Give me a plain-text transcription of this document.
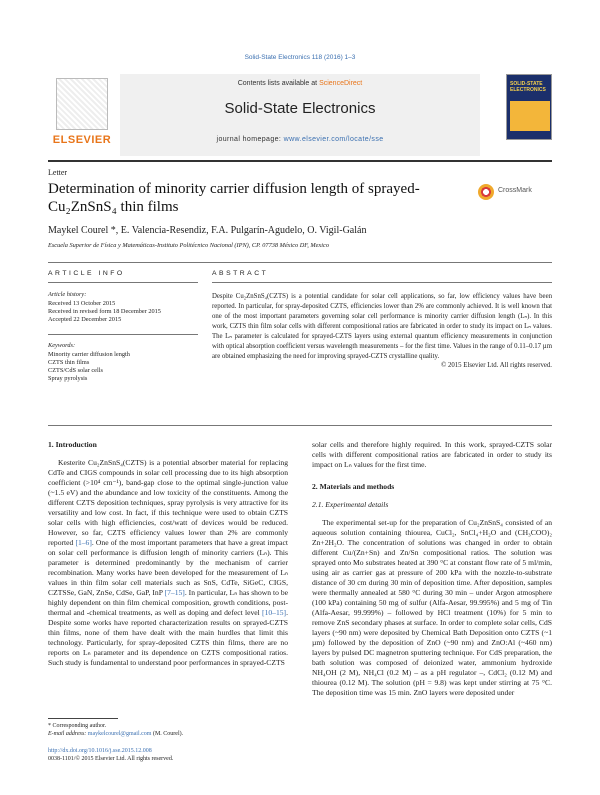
Solid-State Electronics 118 (2016) 1–3
ELSEVIER
Contents lists available at ScienceDirect
Solid-State Electronics
journal homepage: www.elsevier.com/locate/sse
SOLID-STATE ELECTRONICS
Letter
Determination of minority carrier diffusion length of sprayed-Cu₂ZnSnS₄ thin films
CrossMark
Maykel Courel *, E. Valencia-Resendiz, F.A. Pulgarín-Agudelo, O. Vigil-Galán
Escuela Superior de Física y Matemáticas-Instituto Politécnico Nacional (IPN), CP. 07738 México DF, Mexico
ARTICLE INFO	ABSTRACT
Article history:
Received 13 October 2015
Received in revised form 18 December 2015
Accepted 22 December 2015
Keywords:
Minority carrier diffusion length
CZTS thin films
CZTS/CdS solar cells
Spray pyrolysis
Despite Cu₂ZnSnS₄(CZTS) is a potential candidate for solar cell applications, so far, low efficiency values have been reported. In particular, for spray-deposited CZTS, efficiencies lower than 2% are commonly achieved. It is well known that one of the most important parameters governing solar cell performance is minority carrier diffusion length (Lₙ). In this work, CZTS thin film solar cells with different compositional ratios are fabricated in order to study its impact on Lₙ values. The Lₙ parameter is calculated for sprayed-CZTS layers using external quantum efficiency measurements in conjunction with optical absorption coefficient versus wavelength measurements – for the first time. Values in the range of 0.11–0.17 µm are obtained emphasizing the need for improving sprayed-CZTS crystalline quality.
© 2015 Elsevier Ltd. All rights reserved.
1. Introduction
Kesterite Cu₂ZnSnS₄(CZTS) is a potential absorber material for replacing CdTe and CIGS compounds in solar cell processing due to its high absorption coefficient (>10⁴ cm⁻¹), band-gap close to the optimal single-junction value (~1.5 eV) and the abundance and low toxicity of the constituents. Among the different CZTS deposition techniques, spray pyrolysis is very attractive for its versatility and low cost. In fact, if this technique were used to obtain CZTS solar cells with high efficiencies, cost/watt of devices would be reduced. However, so far, CZTS efficiency values lower than 2% are commonly reported [1–6]. One of the most important parameters that have a great impact on solar cell performance is diffusion length of minority carriers (Lₙ). This parameter is determined predominantly by the mechanism of carrier recombination. Many works have been developed for the measurement of Lₙ values in thin film solar cell materials such as SnS, CdTe, SiGeC, CIGS, CZTSSe, GaN, ZnSe, CdSe, GaP, InP [7–15]. In particular, Lₙ has shown to be highly dependent on thin film chemical composition, growth conditions, post-thermal and -chemical treatments, as well as doping and defect level [10–15]. Despite some works have reported characterization results on sprayed-CZTS thin films, none of them have dealt with the main hurdles that limit this technology. Particularly, for spray-deposited CZTS thin films, there are no reports on Lₙ parameter and its dependence on CZTS compositional ratios. Such study is fundamental to understand poor performances in sprayed-CZTS
solar cells and therefore highly required. In this work, sprayed-CZTS solar cells with different compositional ratios are fabricated in order to study its impact on Lₙ values for the first time.
2. Materials and methods
2.1. Experimental details
The experimental set-up for the preparation of Cu₂ZnSnS₄ consisted of an aqueous solution containing thiourea, CuCl₂, SnCl₄+H₂O and (CH₃COO)₂ Zn+2H₂O. The concentration of solutions was changed in order to obtain different Cu/(Zn+Sn) and Zn/Sn compositional ratios. The solution was sprayed onto Mo substrates heated at 390 °C at constant flow rate of 5 ml/min, using air as carrier gas at pressure of 200 kPa with the nozzle-to-substrate distance of 30 cm during 30 min of deposition time. After deposition, samples were thermally annealed at 580 °C during 30 min – under Argon atmosphere (100 kPa) containing 50 mg of sulfur (Alfa-Aesar, 99.995%) and 5 mg of Tin (Alfa-Aesar, 99.999%) – followed by HCl treatment (10%) for 5 min to remove ZnS secondary phases at surface. In order to complete solar cells, CdS layers (~90 nm) were deposited by Chemical Bath Deposition onto CZTS (~1 µm) followed by the deposition of ZnO (~90 nm) and ZnO:Al (~460 nm) layers by pulsed DC magnetron sputtering technique. For CdS preparation, the bath solution was composed of deionized water, ammonium hydroxide NH₄OH (2 M), NH₄Cl (0.2 M) – as a pH regulator –, CdCl₂ (0.12 M) and thiourea (0.12 M). The solution (pH = 9.8) was kept under stirring at 75 °C. The deposition time was 15 min. ZnO layers were deposited under
* Corresponding author.
E-mail address: maykelcourel@gmail.com (M. Courel).
http://dx.doi.org/10.1016/j.sse.2015.12.008
0038-1101/© 2015 Elsevier Ltd. All rights reserved.
